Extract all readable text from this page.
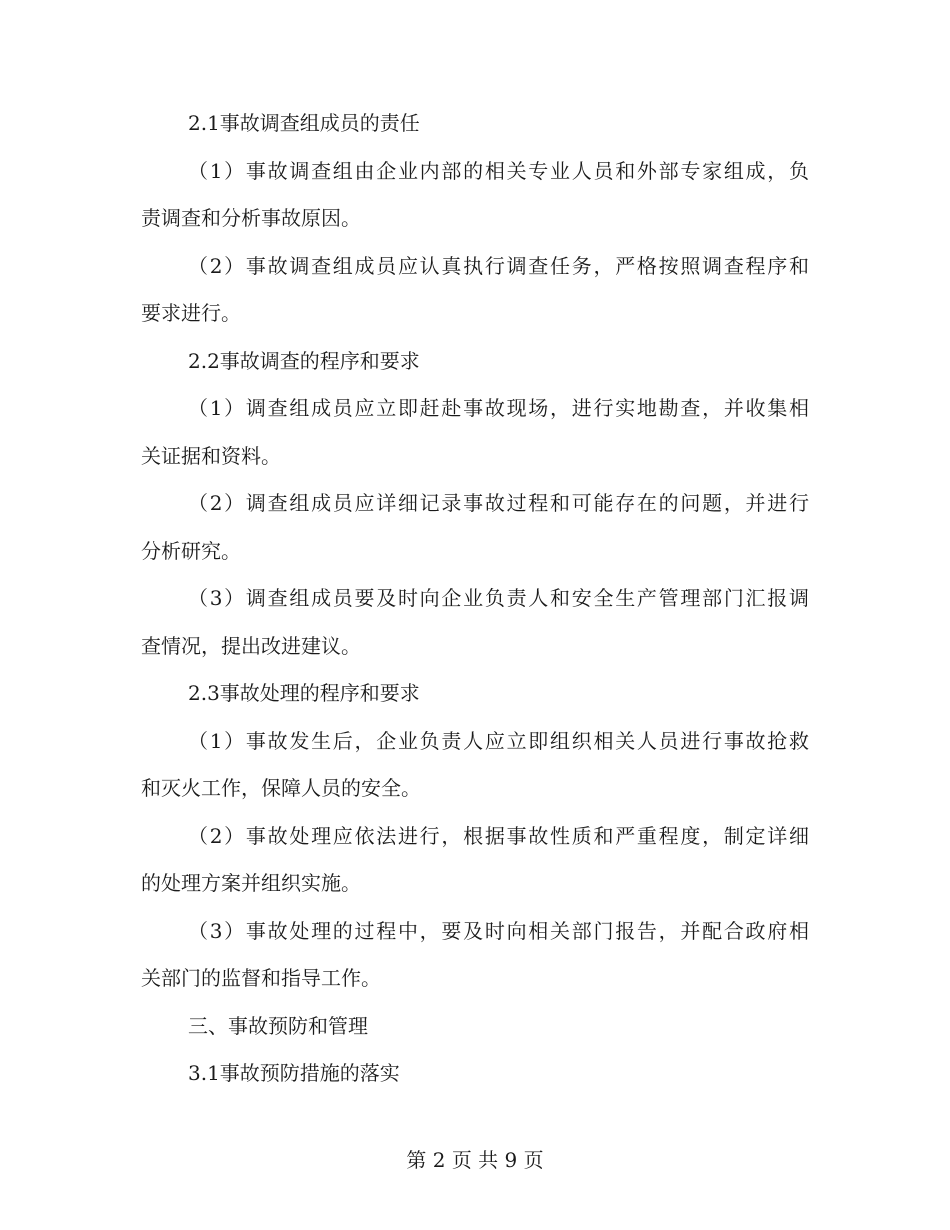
2.1事故调查组成员的责任
（1）事故调查组由企业内部的相关专业人员和外部专家组成，负
责调查和分析事故原因。
（2）事故调查组成员应认真执行调查任务，严格按照调查程序和
要求进行。
2.2事故调查的程序和要求
（1）调查组成员应立即赶赴事故现场，进行实地勘查，并收集相
关证据和资料。
（2）调查组成员应详细记录事故过程和可能存在的问题，并进行
分析研究。
（3）调查组成员要及时向企业负责人和安全生产管理部门汇报调
查情况，提出改进建议。
2.3事故处理的程序和要求
（1）事故发生后，企业负责人应立即组织相关人员进行事故抢救
和灭火工作，保障人员的安全。
（2）事故处理应依法进行，根据事故性质和严重程度，制定详细
的处理方案并组织实施。
（3）事故处理的过程中，要及时向相关部门报告，并配合政府相
关部门的监督和指导工作。
三、事故预防和管理
3.1事故预防措施的落实
第 2 页 共 9 页
